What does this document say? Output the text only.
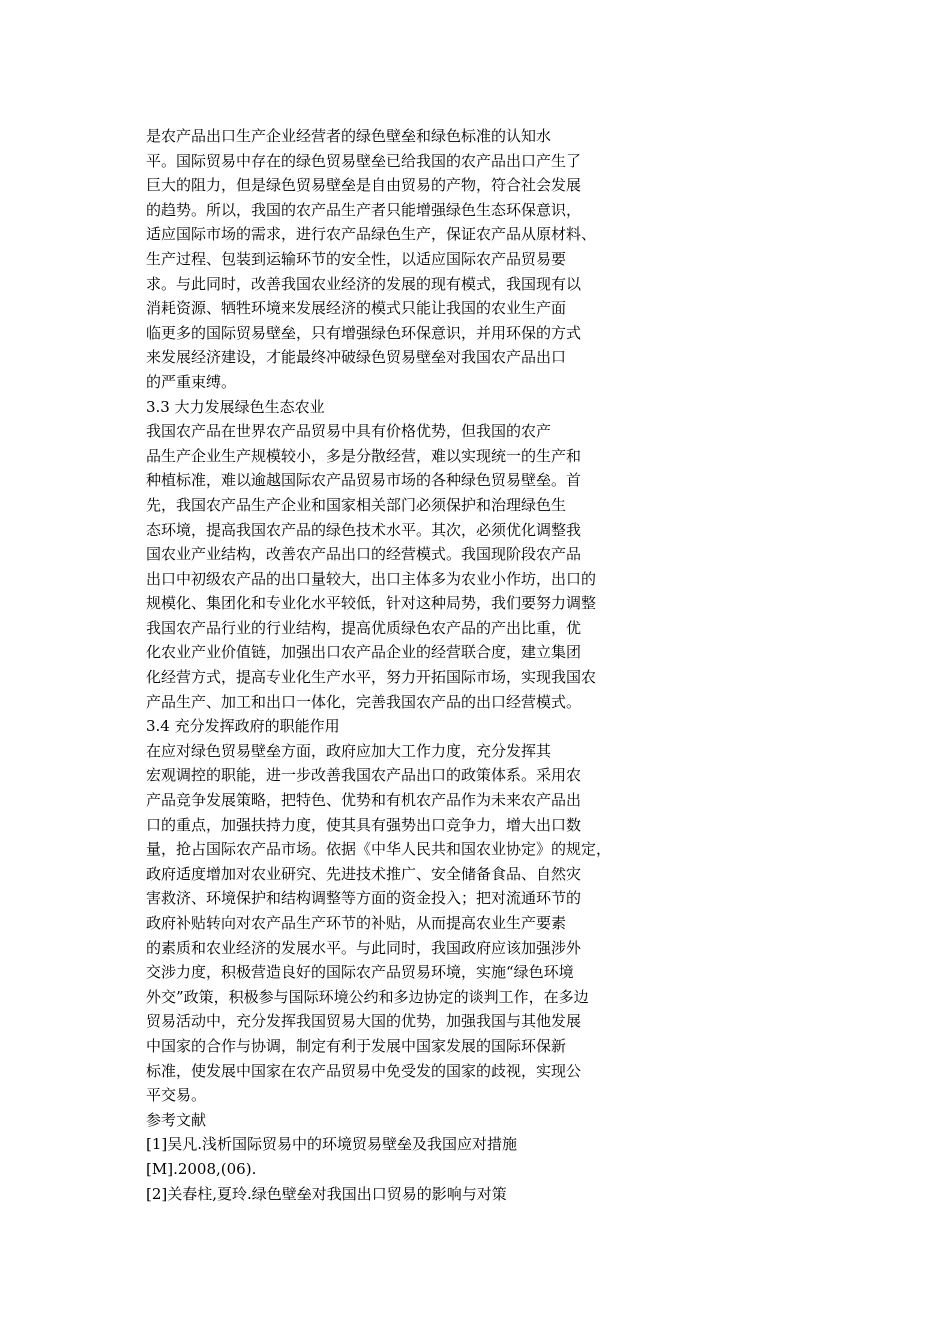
是农产品出口生产企业经营者的绿色壁垒和绿色标准的认知水

平。国际贸易中存在的绿色贸易壁垒已给我国的农产品出口产生了

巨大的阻力，但是绿色贸易壁垒是自由贸易的产物，符合社会发展

的趋势。所以，我国的农产品生产者只能增强绿色生态环保意识，

适应国际市场的需求，进行农产品绿色生产，保证农产品从原材料、

生产过程、包装到运输环节的安全性，以适应国际农产品贸易要

求。与此同时，改善我国农业经济的发展的现有模式，我国现有以

消耗资源、牺牲环境来发展经济的模式只能让我国的农业生产面

临更多的国际贸易壁垒，只有增强绿色环保意识，并用环保的方式

来发展经济建设，才能最终冲破绿色贸易壁垒对我国农产品出口

的严重束缚。

3.3 大力发展绿色生态农业

我国农产品在世界农产品贸易中具有价格优势，但我国的农产

品生产企业生产规模较小，多是分散经营，难以实现统一的生产和

种植标准，难以逾越国际农产品贸易市场的各种绿色贸易壁垒。首

先，我国农产品生产企业和国家相关部门必须保护和治理绿色生

态环境，提高我国农产品的绿色技术水平。其次，必须优化调整我

国农业产业结构，改善农产品出口的经营模式。我国现阶段农产品

出口中初级农产品的出口量较大，出口主体多为农业小作坊，出口的

规模化、集团化和专业化水平较低，针对这种局势，我们要努力调整

我国农产品行业的行业结构，提高优质绿色农产品的产出比重，优

化农业产业价值链，加强出口农产品企业的经营联合度，建立集团

化经营方式，提高专业化生产水平，努力开拓国际市场，实现我国农

产品生产、加工和出口一体化，完善我国农产品的出口经营模式。

3.4 充分发挥政府的职能作用

在应对绿色贸易壁垒方面，政府应加大工作力度，充分发挥其

宏观调控的职能，进一步改善我国农产品出口的政策体系。采用农

产品竞争发展策略，把特色、优势和有机农产品作为未来农产品出

口的重点，加强扶持力度，使其具有强势出口竞争力，增大出口数

量，抢占国际农产品市场。依据《中华人民共和国农业协定》的规定，

政府适度增加对农业研究、先进技术推广、安全储备食品、自然灾

害救济、环境保护和结构调整等方面的资金投入；把对流通环节的

政府补贴转向对农产品生产环节的补贴，从而提高农业生产要素

的素质和农业经济的发展水平。与此同时，我国政府应该加强涉外

交涉力度，积极营造良好的国际农产品贸易环境，实施“绿色环境

外交”政策，积极参与国际环境公约和多边协定的谈判工作，在多边

贸易活动中，充分发挥我国贸易大国的优势，加强我国与其他发展

中国家的合作与协调，制定有利于发展中国家发展的国际环保新

标准，使发展中国家在农产品贸易中免受发的国家的歧视，实现公

平交易。

参考文献

[1]吴凡.浅析国际贸易中的环境贸易壁垒及我国应对措施

[M].2008,(06).

[2]关春柱,夏玲.绿色壁垒对我国出口贸易的影响与对策
